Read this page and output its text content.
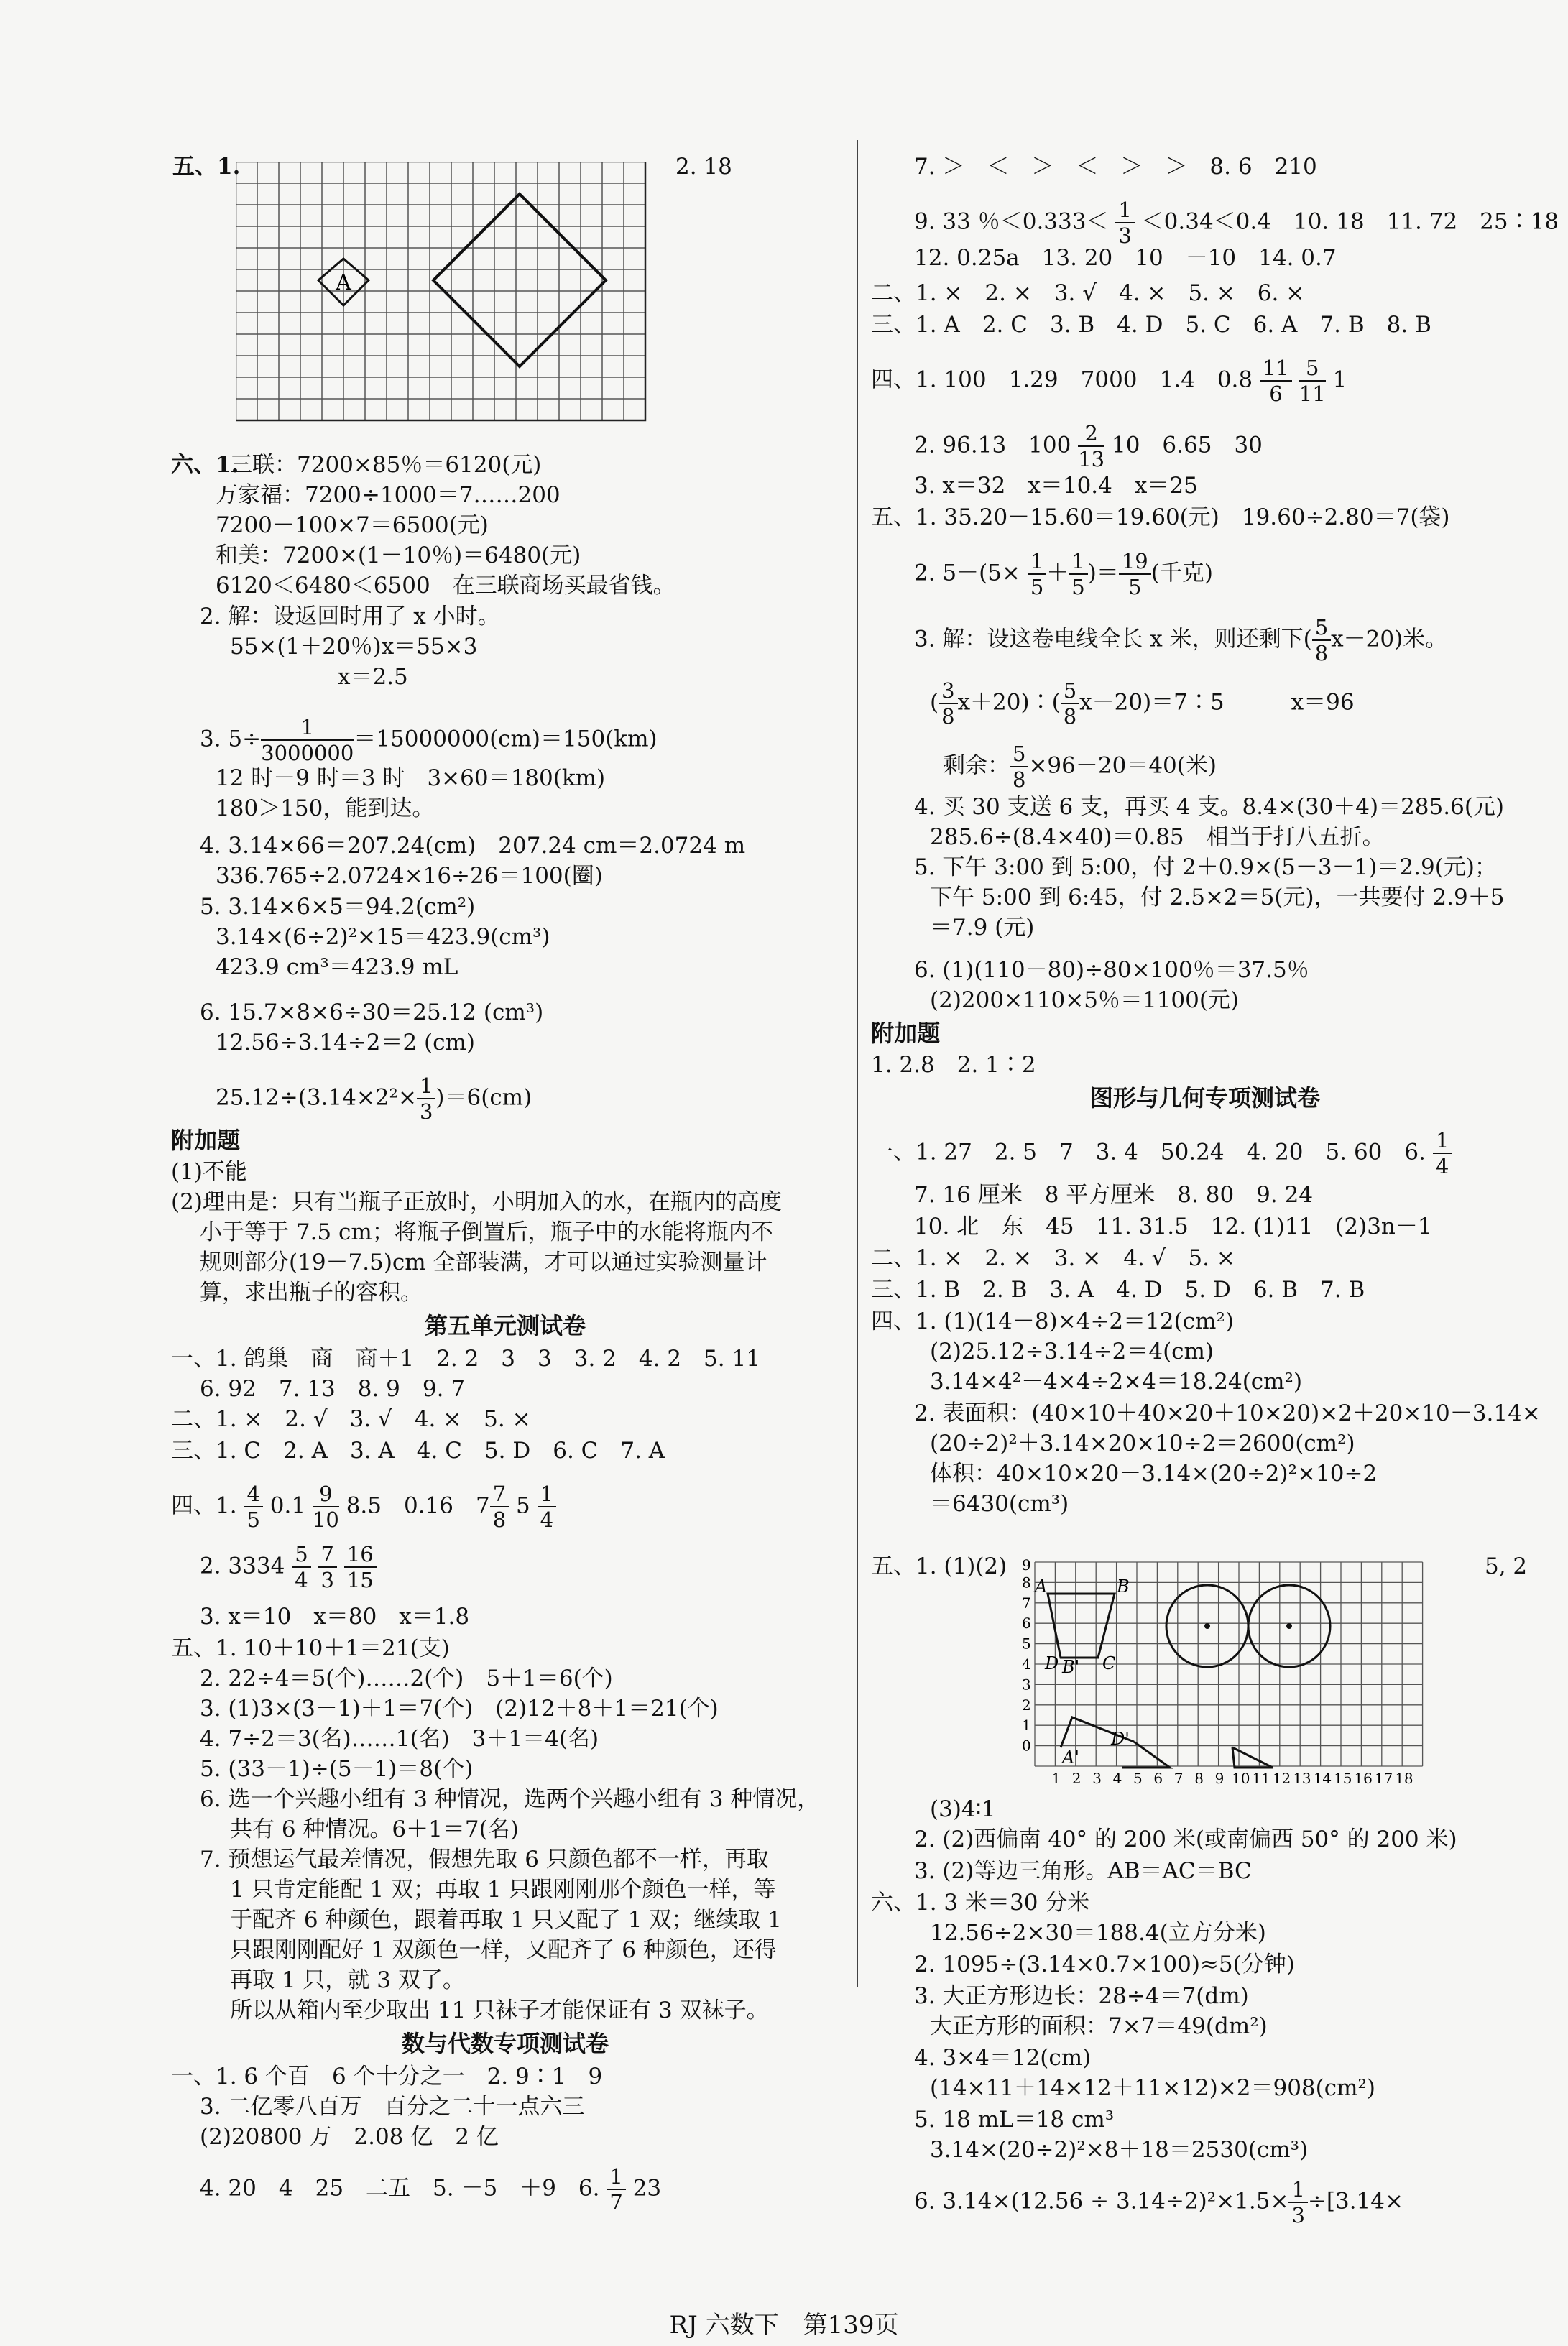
五、1.
A
2. 18
六、1.
三联：7200×85％＝6120(元)
万家福：7200÷1000＝7……200
7200－100×7＝6500(元)
和美：7200×(1－10％)＝6480(元)
6120＜6480＜6500　在三联商场买最省钱。
2. 解：设返回时用了 x 小时。
55×(1＋20％)x＝55×3
x＝2.5
3. $5\div \frac{1}{3000000} =15000000(cm)=150(km)$
12 时－9 时＝3 时　3×60＝180(km)
180＞150，能到达。
4. 3.14×66＝207.24(cm)　207.24 cm＝2.0724 m
336.765÷2.0724×16÷26＝100(圈)
5. 3.14×6×5＝94.2(cm²)
3.14×(6÷2)²×15＝423.9(cm³)
423.9 cm³＝423.9 mL
6. 15.7×8×6÷30＝25.12 (cm³)
12.56÷3.14÷2＝2 (cm)
$25.12\div(3.14\times 2^2\times \frac{1}{3} )=6(cm)$
附加题
(1)不能
(2)理由是：只有当瓶子正放时，小明加入的水，在瓶内的高度
小于等于 7.5 cm；将瓶子倒置后，瓶子中的水能将瓶内不
规则部分(19－7.5)cm 全部装满，才可以通过实验测量计
算，求出瓶子的容积。
第五单元测试卷
一、1. 鸽巢　商　商＋1　2. 2　3　3　3. 2　4. 2　5. 11
6. 92　7. 13　8. 9　9. 7
二、1. ×　2. √　3. √　4. ×　5. ×
三、1. C　2. A　3. A　4. C　5. D　6. C　7. A
四、1. $\frac{4}{5} 0.1 \frac{9}{10} 8.5$　0.16　$7 \frac{7}{8} 5 \frac{1}{4}$
2. $3334 \frac{5}{4}$
$\frac{7}{3}$
$\frac{16}{15}$
3. x＝10　x＝80　x＝1.8
五、1. 10＋10＋1＝21(支)
2. 22÷4＝5(个)……2(个)　5＋1＝6(个)
3. (1)3×(3－1)＋1＝7(个)　(2)12＋8＋1＝21(个)
4. 7÷2＝3(名)……1(名)　3＋1＝4(名)
5. (33－1)÷(5－1)＝8(个)
6. 选一个兴趣小组有 3 种情况，选两个兴趣小组有 3 种情况，
共有 6 种情况。6＋1＝7(名)
7. 预想运气最差情况，假想先取 6 只颜色都不一样，再取
1 只肯定能配 1 双；再取 1 只跟刚刚那个颜色一样，等
于配齐 6 种颜色，跟着再取 1 只又配了 1 双；继续取 1
只跟刚刚配好 1 双颜色一样，又配齐了 6 种颜色，还得
再取 1 只，就 3 双了。
所以从箱内至少取出 11 只袜子才能保证有 3 双袜子。
数与代数专项测试卷
一、1. 6 个百　6 个十分之一　2. 9∶1　9
3. 二亿零八百万　百分之二十一点六三
(2)20800 万　2.08 亿　2 亿
4. 20　4　25　二五　5. －5　＋9　6. $\frac{1}{7} 23$
7. ＞　＜　＞　＜　＞　＞　8. 6　210
9. 33 ％$<0.333< \frac{1}{3} <0.34<0.4$　10. 18　11. 72　25∶18
12. 0.25a　13. 20　10　－10　14. 0.7
二、1. ×　2. ×　3. √　4. ×　5. ×　6. ×
三、1. A　2. C　3. B　4. D　5. C　6. A　7. B　8. B
四、1. 100　1.29　7000　1.4　$0.8 \frac{11}{6}$
$\frac{5}{11} 1$
2. 96.13　$100 \frac{2}{13} 10$　6.65　30
3. x＝32　x＝10.4　x＝25
五、1. 35.20－15.60＝19.60(元)　19.60÷2.80＝7(袋)
2. $5-(5\times \frac{1}{5} + \frac{1}{5}$ )＝ $\frac{19}{5}$ (千克)
3. 解：设这卷电线全长 x 米，则还剩下( $\frac{5}{8} x-20$)米。
( $\frac{3}{8}$ x＋20)∶( $\frac{5}{8}$ x－20)＝7∶5　　　x＝96
剩余： $\frac{5}{8} \times 96-20=40$(米)
4. 买 30 支送 6 支，再买 4 支。8.4×(30＋4)＝285.6(元)
285.6÷(8.4×40)＝0.85　相当于打八五折。
5. 下午 3:00 到 5:00，付 2＋0.9×(5－3－1)＝2.9(元)；
下午 5:00 到 6:45，付 2.5×2＝5(元)，一共要付 2.9＋5
＝7.9 (元)
6. (1)(110－80)÷80×100％＝37.5％
(2)200×110×5％＝1100(元)
附加题
1. 2.8　2. 1∶2
图形与几何专项测试卷
一、1. 27　2. 5　7　3. 4　50.24　4. 20　5. 60　6. $\frac{1}{4}$
7. 16 厘米　8 平方厘米　8. 80　9. 24
10. 北　东　45　11. 31.5　12. (1)11　(2)3n－1
二、1. ×　2. ×　3. ×　4. √　5. ×
三、1. B　2. B　3. A　4. D　5. D　6. B　7. B
四、1. (1)(14－8)×4÷2＝12(cm²)
(2)25.12÷3.14÷2＝4(cm)
3.14×4²－4×4÷2×4＝18.24(cm²)
2. 表面积：(40×10＋40×20＋10×20)×2＋20×10－3.14×
(20÷2)²＋3.14×20×10÷2＝2600(cm²)
体积：40×10×20－3.14×(20÷2)²×10÷2
＝6430(cm³)
五、1. (1)(2)	5, 2
9
8
7
6
5
4
3
2
1
0
1 2 3 4 5 6 7 8 9 10 11 12 13 14 15 16 17 18
A	B
C
D B'
A'
D'
(3)4∶1
2. (2)西偏南 40° 的 200 米(或南偏西 50° 的 200 米)
3. (2)等边三角形。AB＝AC＝BC
六、1. 3 米＝30 分米
12.56÷2×30＝188.4(立方分米)
2. 1095÷(3.14×0.7×100)≈5(分钟)
3. 大正方形边长：28÷4＝7(dm)
大正方形的面积：7×7＝49(dm²)
4. 3×4＝12(cm)
(14×11＋14×12＋11×12)×2＝908(cm²)
5. 18 mL＝18 cm³
3.14×(20÷2)²×8＋18＝2530(cm³)
6. $3.14\times(12.56 \div 3.14\div 2)^2\times 1.5\times \frac{1}{3} \div[3.14\times$
RJ 六数下　第139页
